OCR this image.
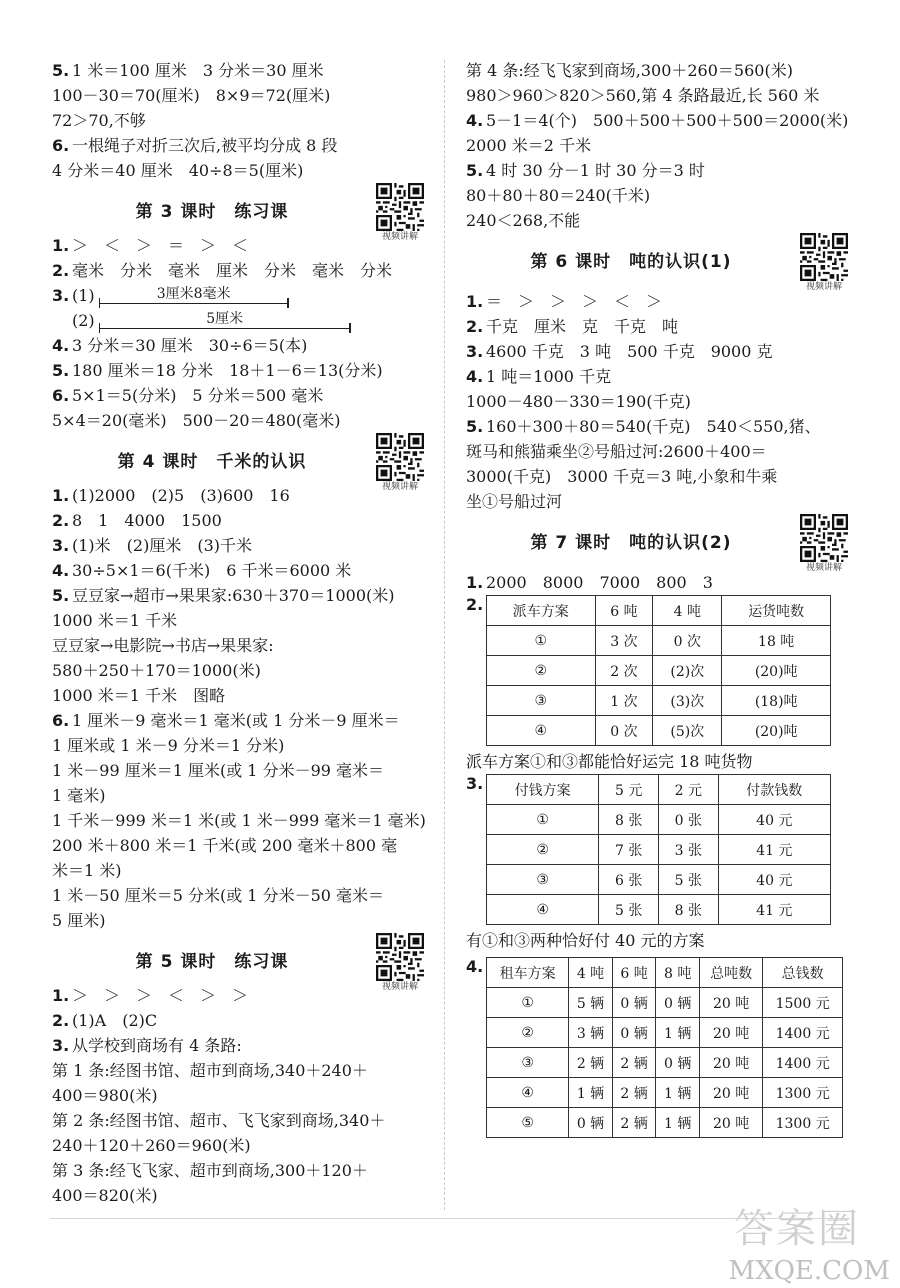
5. 1 米＝100 厘米　3 分米＝30 厘米
100－30＝70(厘米)　8×9＝72(厘米)
72＞70,不够
6. 一根绳子对折三次后,被平均分成 8 段
4 分米＝40 厘米　40÷8＝5(厘米)
第 3 课时　练习课
视频讲解
1. ＞　＜　＞　＝　＞　＜
2. 毫米　分米　毫米　厘米　分米　毫米　分米
3. (1)	3厘米8毫米
(2)	5厘米
4. 3 分米＝30 厘米　30÷6＝5(本)
5. 180 厘米＝18 分米　18＋1－6＝13(分米)
6. 5×1＝5(分米)　5 分米＝500 毫米
5×4＝20(毫米)　500－20＝480(毫米)
第 4 课时　千米的认识
视频讲解
1. (1)2000　(2)5　(3)600　16
2. 8　1　4000　1500
3. (1)米　(2)厘米　(3)千米
4. 30÷5×1＝6(千米)　6 千米＝6000 米
5. 豆豆家→超市→果果家:630＋370＝1000(米)
1000 米＝1 千米
豆豆家→电影院→书店→果果家:
580＋250＋170＝1000(米)
1000 米＝1 千米　图略
6. 1 厘米－9 毫米＝1 毫米(或 1 分米－9 厘米＝
1 厘米或 1 米－9 分米＝1 分米)
1 米－99 厘米＝1 厘米(或 1 分米－99 毫米＝
1 毫米)
1 千米－999 米＝1 米(或 1 米－999 毫米＝1 毫米)
200 米＋800 米＝1 千米(或 200 毫米＋800 毫
米＝1 米)
1 米－50 厘米＝5 分米(或 1 分米－50 毫米＝
5 厘米)
第 5 课时　练习课
视频讲解
1. ＞　＞　＞　＜　＞　＞
2. (1)A　(2)C
3. 从学校到商场有 4 条路:
第 1 条:经图书馆、超市到商场,340＋240＋
400＝980(米)
第 2 条:经图书馆、超市、飞飞家到商场,340＋
240＋120＋260＝960(米)
第 3 条:经飞飞家、超市到商场,300＋120＋
400＝820(米)
第 4 条:经飞飞家到商场,300＋260＝560(米)
980＞960＞820＞560,第 4 条路最近,长 560 米
4. 5－1＝4(个)　500＋500＋500＋500＝2000(米)
2000 米＝2 千米
5. 4 时 30 分－1 时 30 分＝3 时
80＋80＋80＝240(千米)
240＜268,不能
第 6 课时　吨的认识(1)
视频讲解
1. ＝　＞　＞　＞　＜　＞
2. 千克　厘米　克　千克　吨
3. 4600 千克　3 吨　500 千克　9000 克
4. 1 吨＝1000 千克
1000－480－330＝190(千克)
5. 160＋300＋80＝540(千克)　540＜550,猪、
斑马和熊猫乘坐②号船过河:2600＋400＝
3000(千克)　3000 千克＝3 吨,小象和牛乘
坐①号船过河
第 7 课时　吨的认识(2)
视频讲解
1. 2000　8000　7000　800　3
2. 派车方案	6 吨	4 吨	运货吨数
①	3 次	0 次	18 吨
②	2 次	(2)次	(20)吨
③	1 次	(3)次	(18)吨
④	0 次	(5)次	(20)吨
派车方案①和③都能恰好运完 18 吨货物
3. 付钱方案	5 元	2 元	付款钱数
①	8 张	0 张	40 元
②	7 张	3 张	41 元
③	6 张	5 张	40 元
④	5 张	8 张	41 元
有①和③两种恰好付 40 元的方案
4. 租车方案	4 吨	6 吨	8 吨	总吨数	总钱数
①	5 辆	0 辆	0 辆	20 吨	1500 元
②	3 辆	0 辆	1 辆	20 吨	1400 元
③	2 辆	2 辆	0 辆	20 吨	1400 元
④	1 辆	2 辆	1 辆	20 吨	1300 元
⑤	0 辆	2 辆	1 辆	20 吨	1300 元
答案圈
MXQE.COM
